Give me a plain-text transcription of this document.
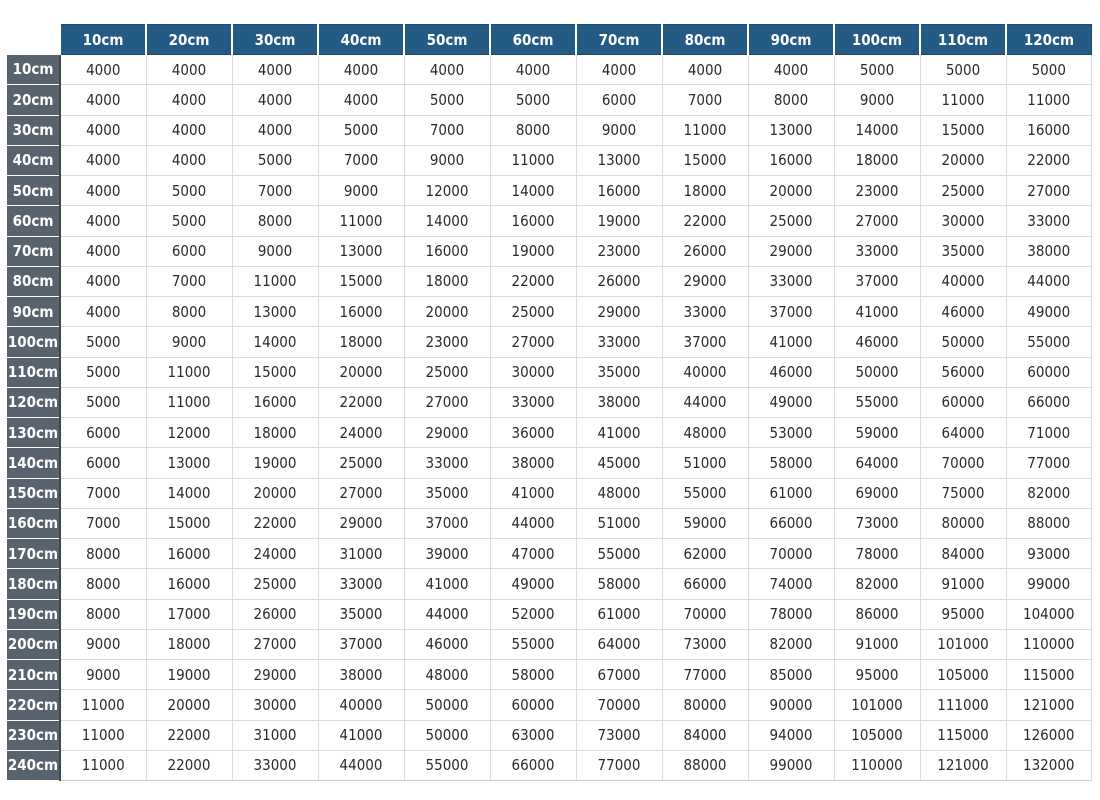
	10cm	20cm	30cm	40cm	50cm	60cm	70cm	80cm	90cm	100cm	110cm	120cm
10cm	4000	4000	4000	4000	4000	4000	4000	4000	4000	5000	5000	5000
20cm	4000	4000	4000	4000	5000	5000	6000	7000	8000	9000	11000	11000
30cm	4000	4000	4000	5000	7000	8000	9000	11000	13000	14000	15000	16000
40cm	4000	4000	5000	7000	9000	11000	13000	15000	16000	18000	20000	22000
50cm	4000	5000	7000	9000	12000	14000	16000	18000	20000	23000	25000	27000
60cm	4000	5000	8000	11000	14000	16000	19000	22000	25000	27000	30000	33000
70cm	4000	6000	9000	13000	16000	19000	23000	26000	29000	33000	35000	38000
80cm	4000	7000	11000	15000	18000	22000	26000	29000	33000	37000	40000	44000
90cm	4000	8000	13000	16000	20000	25000	29000	33000	37000	41000	46000	49000
100cm	5000	9000	14000	18000	23000	27000	33000	37000	41000	46000	50000	55000
110cm	5000	11000	15000	20000	25000	30000	35000	40000	46000	50000	56000	60000
120cm	5000	11000	16000	22000	27000	33000	38000	44000	49000	55000	60000	66000
130cm	6000	12000	18000	24000	29000	36000	41000	48000	53000	59000	64000	71000
140cm	6000	13000	19000	25000	33000	38000	45000	51000	58000	64000	70000	77000
150cm	7000	14000	20000	27000	35000	41000	48000	55000	61000	69000	75000	82000
160cm	7000	15000	22000	29000	37000	44000	51000	59000	66000	73000	80000	88000
170cm	8000	16000	24000	31000	39000	47000	55000	62000	70000	78000	84000	93000
180cm	8000	16000	25000	33000	41000	49000	58000	66000	74000	82000	91000	99000
190cm	8000	17000	26000	35000	44000	52000	61000	70000	78000	86000	95000	104000
200cm	9000	18000	27000	37000	46000	55000	64000	73000	82000	91000	101000	110000
210cm	9000	19000	29000	38000	48000	58000	67000	77000	85000	95000	105000	115000
220cm	11000	20000	30000	40000	50000	60000	70000	80000	90000	101000	111000	121000
230cm	11000	22000	31000	41000	50000	63000	73000	84000	94000	105000	115000	126000
240cm	11000	22000	33000	44000	55000	66000	77000	88000	99000	110000	121000	132000
